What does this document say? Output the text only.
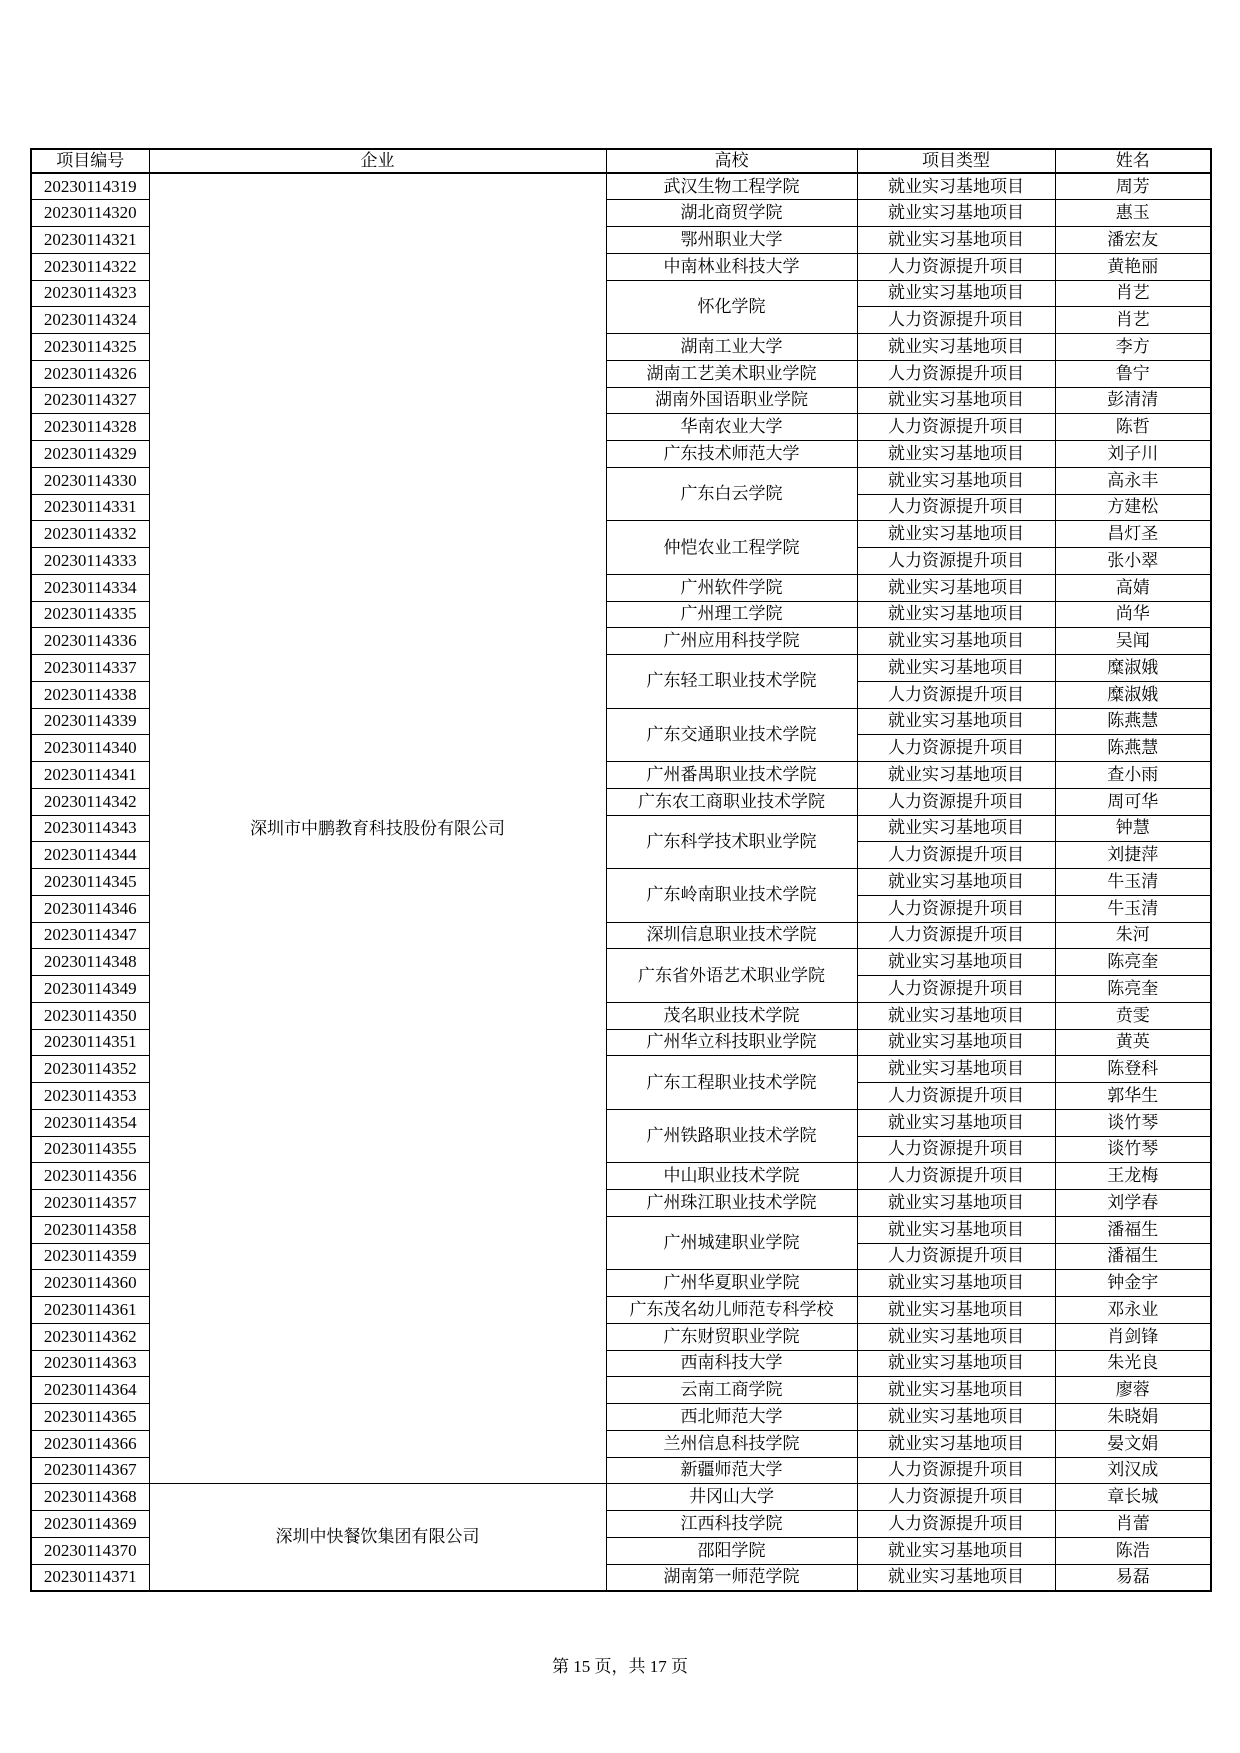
项目编号	企业	高校	项目类型	姓名
20230114319	深圳市中鹏教育科技股份有限公司	武汉生物工程学院	就业实习基地项目	周芳
20230114320		湖北商贸学院	就业实习基地项目	惠玉
20230114321		鄂州职业大学	就业实习基地项目	潘宏友
20230114322		中南林业科技大学	人力资源提升项目	黄艳丽
20230114323		怀化学院	就业实习基地项目	肖艺
20230114324			人力资源提升项目	肖艺
20230114325		湖南工业大学	就业实习基地项目	李方
20230114326		湖南工艺美术职业学院	人力资源提升项目	鲁宁
20230114327		湖南外国语职业学院	就业实习基地项目	彭清清
20230114328		华南农业大学	人力资源提升项目	陈哲
20230114329		广东技术师范大学	就业实习基地项目	刘子川
20230114330		广东白云学院	就业实习基地项目	高永丰
20230114331			人力资源提升项目	方建松
20230114332		仲恺农业工程学院	就业实习基地项目	昌灯圣
20230114333			人力资源提升项目	张小翠
20230114334		广州软件学院	就业实习基地项目	高婧
20230114335		广州理工学院	就业实习基地项目	尚华
20230114336		广州应用科技学院	就业实习基地项目	吴闻
20230114337		广东轻工职业技术学院	就业实习基地项目	糜淑娥
20230114338			人力资源提升项目	糜淑娥
20230114339		广东交通职业技术学院	就业实习基地项目	陈燕慧
20230114340			人力资源提升项目	陈燕慧
20230114341		广州番禺职业技术学院	就业实习基地项目	查小雨
20230114342		广东农工商职业技术学院	人力资源提升项目	周可华
20230114343		广东科学技术职业学院	就业实习基地项目	钟慧
20230114344			人力资源提升项目	刘捷萍
20230114345		广东岭南职业技术学院	就业实习基地项目	牛玉清
20230114346			人力资源提升项目	牛玉清
20230114347		深圳信息职业技术学院	人力资源提升项目	朱河
20230114348		广东省外语艺术职业学院	就业实习基地项目	陈亮奎
20230114349			人力资源提升项目	陈亮奎
20230114350		茂名职业技术学院	就业实习基地项目	贲雯
20230114351		广州华立科技职业学院	就业实习基地项目	黄英
20230114352		广东工程职业技术学院	就业实习基地项目	陈登科
20230114353			人力资源提升项目	郭华生
20230114354		广州铁路职业技术学院	就业实习基地项目	谈竹琴
20230114355			人力资源提升项目	谈竹琴
20230114356		中山职业技术学院	人力资源提升项目	王龙梅
20230114357		广州珠江职业技术学院	就业实习基地项目	刘学春
20230114358		广州城建职业学院	就业实习基地项目	潘福生
20230114359			人力资源提升项目	潘福生
20230114360		广州华夏职业学院	就业实习基地项目	钟金宇
20230114361		广东茂名幼儿师范专科学校	就业实习基地项目	邓永业
20230114362		广东财贸职业学院	就业实习基地项目	肖剑锋
20230114363		西南科技大学	就业实习基地项目	朱光良
20230114364		云南工商学院	就业实习基地项目	廖蓉
20230114365		西北师范大学	就业实习基地项目	朱晓娟
20230114366		兰州信息科技学院	就业实习基地项目	晏文娟
20230114367		新疆师范大学	人力资源提升项目	刘汉成
20230114368	深圳中快餐饮集团有限公司	井冈山大学	人力资源提升项目	章长城
20230114369		江西科技学院	人力资源提升项目	肖蕾
20230114370		邵阳学院	就业实习基地项目	陈浩
20230114371		湖南第一师范学院	就业实习基地项目	易磊
第 15 页，共 17 页
